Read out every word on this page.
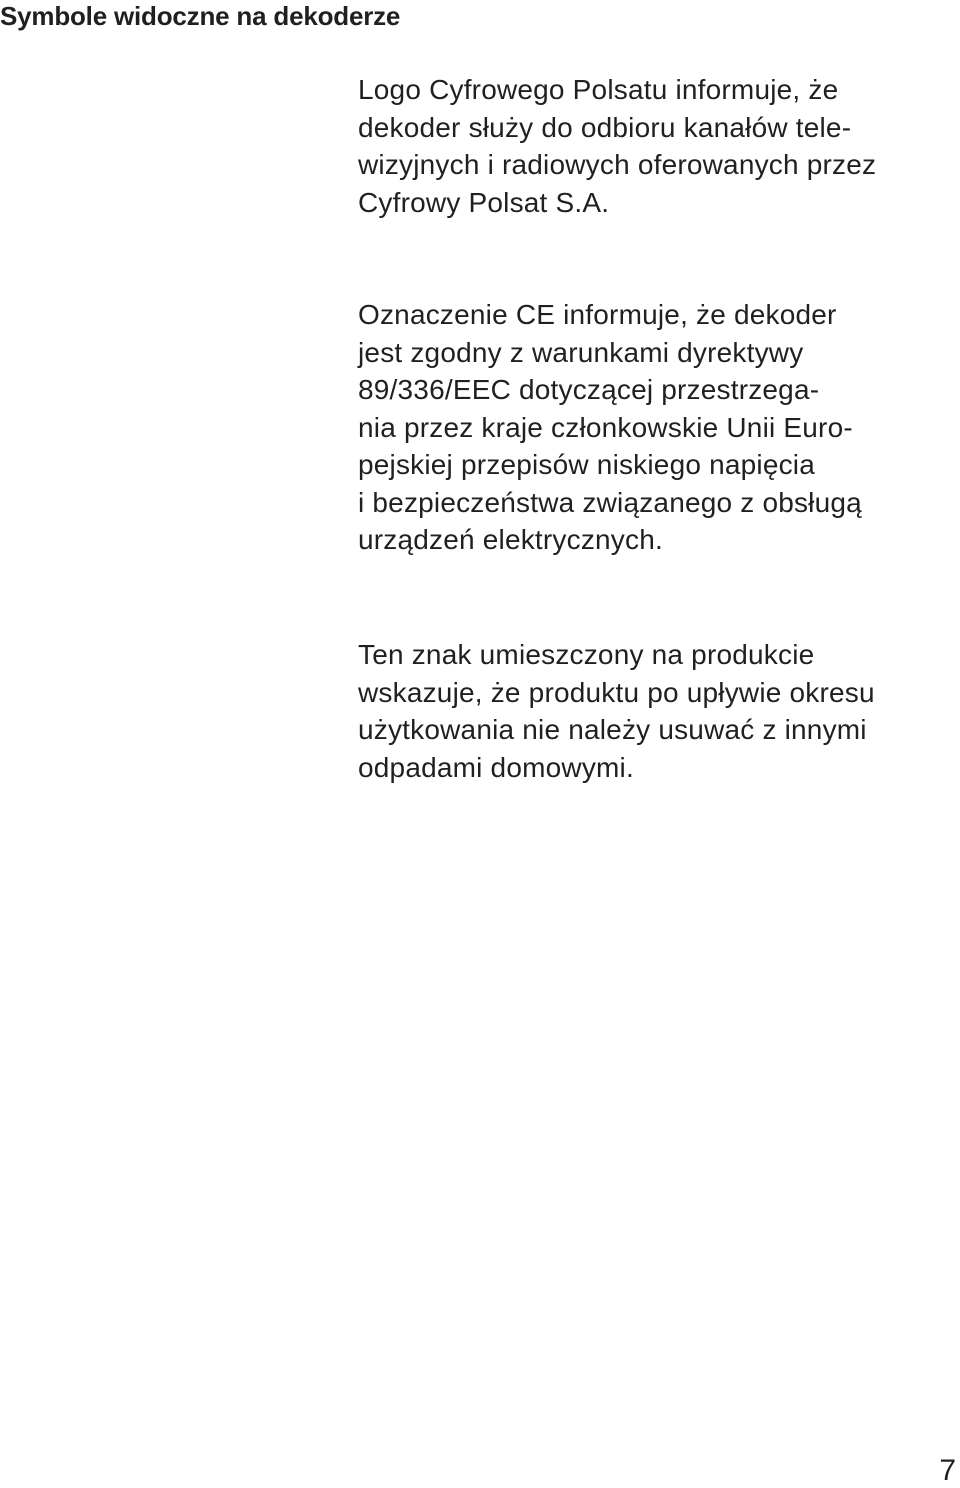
Symbole widoczne na dekoderze

Logo Cyfrowego Polsatu informuje, że

dekoder służy do odbioru kanałów tele-

wizyjnych i radiowych oferowanych przez

Cyfrowy Polsat S.A.

Oznaczenie CE informuje, że dekoder

jest zgodny z warunkami dyrektywy

89/336/EEC dotyczącej przestrzega-

nia przez kraje członkowskie Unii Euro-

pejskiej przepisów niskiego napięcia

i bezpieczeństwa związanego z obsługą

urządzeń elektrycznych.

Ten znak umieszczony na produkcie

wskazuje, że produktu po upływie okresu

użytkowania nie należy usuwać z innymi

odpadami domowymi.

7
